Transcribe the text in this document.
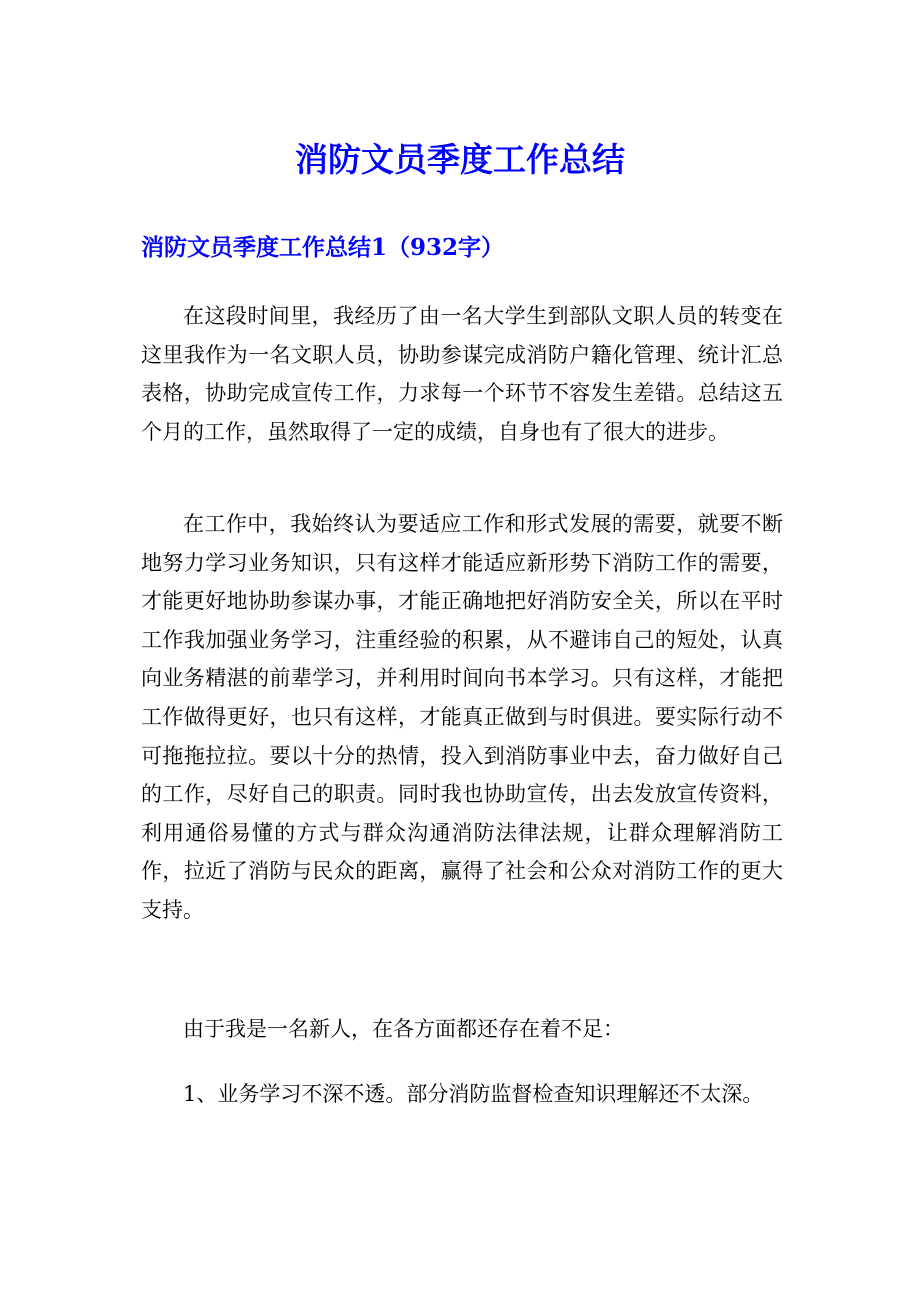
消防文员季度工作总结
消防文员季度工作总结1（932字）

在这段时间里，我经历了由一名大学生到部队文职人员的转变在这里我作为一名文职人员，协助参谋完成消防户籍化管理、统计汇总表格，协助完成宣传工作，力求每一个环节不容发生差错。总结这五个月的工作，虽然取得了一定的成绩，自身也有了很大的进步。

在工作中，我始终认为要适应工作和形式发展的需要，就要不断地努力学习业务知识，只有这样才能适应新形势下消防工作的需要，才能更好地协助参谋办事，才能正确地把好消防安全关，所以在平时工作我加强业务学习，注重经验的积累，从不避讳自己的短处，认真向业务精湛的前辈学习，并利用时间向书本学习。只有这样，才能把工作做得更好，也只有这样，才能真正做到与时俱进。要实际行动不可拖拖拉拉。要以十分的热情，投入到消防事业中去，奋力做好自己的工作，尽好自己的职责。同时我也协助宣传，出去发放宣传资料，利用通俗易懂的方式与群众沟通消防法律法规，让群众理解消防工作，拉近了消防与民众的距离，赢得了社会和公众对消防工作的更大支持。

由于我是一名新人，在各方面都还存在着不足：

1、业务学习不深不透。部分消防监督检查知识理解还不太深。
